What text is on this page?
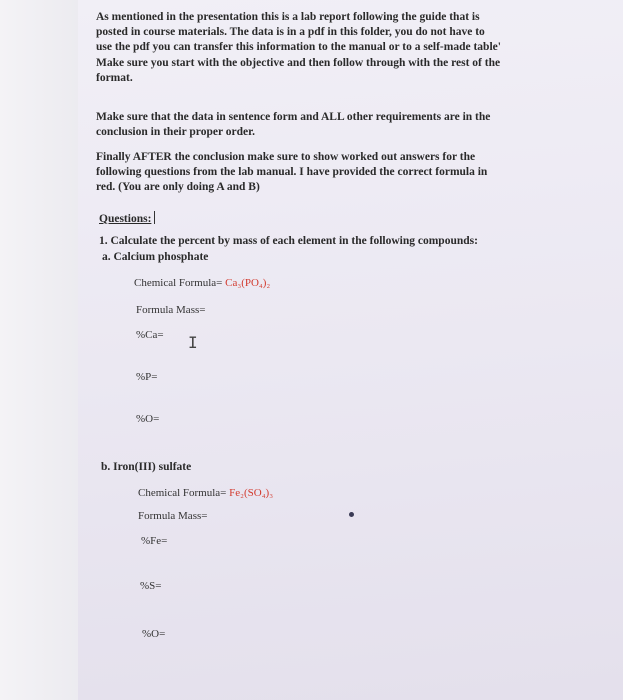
As mentioned in the presentation this is a lab report following the guide that is
posted in course materials. The data is in a pdf in this folder, you do not have to
use the pdf you can transfer this information to the manual or to a self-made table'
Make sure you start with the objective and then follow through with the rest of the
format.
Make sure that the data in sentence form and ALL other requirements are in the
conclusion in their proper order.
Finally AFTER the conclusion make sure to show worked out answers for the
following questions from the lab manual. I have provided the correct formula in
red. (You are only doing A and B)
Questions:
1. Calculate the percent by mass of each element in the following compounds:
a. Calcium phosphate
Chemical Formula= Ca₃(PO₄)₂
Formula Mass=
%Ca= I
%P=
%O=
b. Iron(III) sulfate
Chemical Formula= Fe₂(SO₄)₃
Formula Mass=
%Fe=
%S=
%O=
